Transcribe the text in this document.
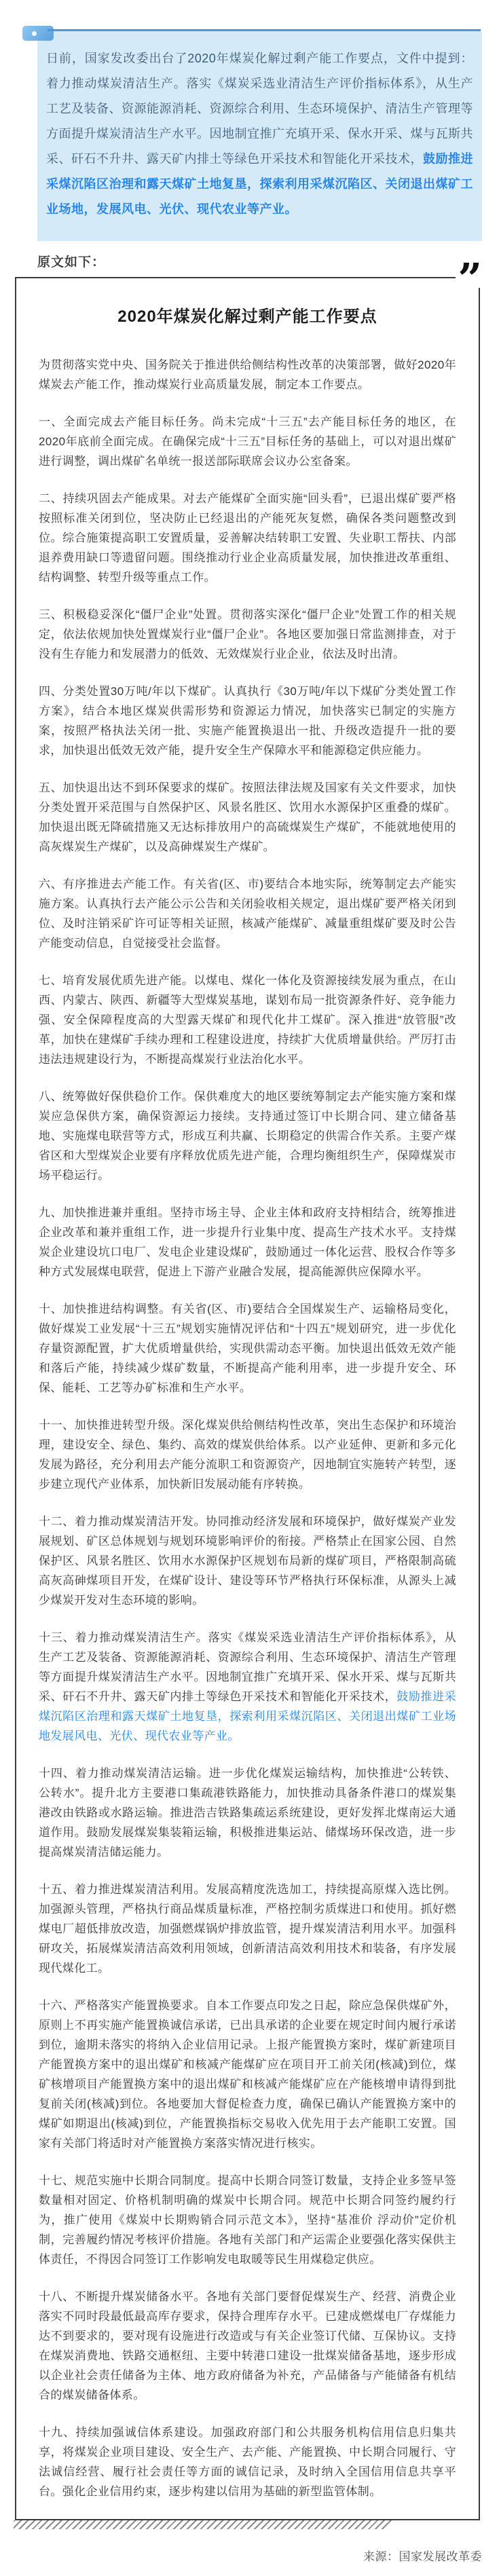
日前，国家发改委出台了2020年煤炭化解过剩产能工作要点，文件中提到：着力推动煤炭清洁生产。落实《煤炭采选业清洁生产评价指标体系》，从生产工艺及装备、资源能源消耗、资源综合利用、生态环境保护、清洁生产管理等方面提升煤炭清洁生产水平。因地制宜推广充填开采、保水开采、煤与瓦斯共采、矸石不升井、露天矿内排土等绿色开采技术和智能化开采技术，鼓励推进采煤沉陷区治理和露天煤矿土地复垦，探索利用采煤沉陷区、关闭退出煤矿工业场地，发展风电、光伏、现代农业等产业。
原文如下：	”
2020年煤炭化解过剩产能工作要点

为贯彻落实党中央、国务院关于推进供给侧结构性改革的决策部署，做好2020年煤炭去产能工作，推动煤炭行业高质量发展，制定本工作要点。

一、全面完成去产能目标任务。尚未完成“十三五”去产能目标任务的地区，在2020年底前全面完成。在确保完成“十三五”目标任务的基础上，可以对退出煤矿进行调整，调出煤矿名单统一报送部际联席会议办公室备案。

二、持续巩固去产能成果。对去产能煤矿全面实施“回头看”，已退出煤矿要严格按照标准关闭到位，坚决防止已经退出的产能死灰复燃，确保各类问题整改到位。综合施策提高职工安置质量，妥善解决结转职工安置、失业职工帮扶、内部退养费用缺口等遗留问题。围绕推动行业企业高质量发展，加快推进改革重组、结构调整、转型升级等重点工作。

三、积极稳妥深化“僵尸企业”处置。贯彻落实深化“僵尸企业”处置工作的相关规定，依法依规加快处置煤炭行业“僵尸企业”。各地区要加强日常监测排查，对于没有生存能力和发展潜力的低效、无效煤炭行业企业，依法及时出清。

四、分类处置30万吨/年以下煤矿。认真执行《30万吨/年以下煤矿分类处置工作方案》，结合本地区煤炭供需形势和资源运力情况，加快落实已制定的实施方案，按照严格执法关闭一批、实施产能置换退出一批、升级改造提升一批的要求，加快退出低效无效产能，提升安全生产保障水平和能源稳定供应能力。

五、加快退出达不到环保要求的煤矿。按照法律法规及国家有关文件要求，加快分类处置开采范围与自然保护区、风景名胜区、饮用水水源保护区重叠的煤矿。加快退出既无降硫措施又无达标排放用户的高硫煤炭生产煤矿，不能就地使用的高灰煤炭生产煤矿，以及高砷煤炭生产煤矿。

六、有序推进去产能工作。有关省(区、市)要结合本地实际，统筹制定去产能实施方案。认真执行去产能公示公告和关闭验收相关规定，退出煤矿要严格关闭到位、及时注销采矿许可证等相关证照，核减产能煤矿、减量重组煤矿要及时公告产能变动信息，自觉接受社会监督。

七、培育发展优质先进产能。以煤电、煤化一体化及资源接续发展为重点，在山西、内蒙古、陕西、新疆等大型煤炭基地，谋划布局一批资源条件好、竞争能力强、安全保障程度高的大型露天煤矿和现代化井工煤矿。深入推进“放管服”改革，加快在建煤矿手续办理和工程建设进度，持续扩大优质增量供给。严厉打击违法违规建设行为，不断提高煤炭行业法治化水平。

八、统筹做好保供稳价工作。保供难度大的地区要统筹制定去产能实施方案和煤炭应急保供方案，确保资源运力接续。支持通过签订中长期合同、建立储备基地、实施煤电联营等方式，形成互利共赢、长期稳定的供需合作关系。主要产煤省区和大型煤炭企业要有序释放优质先进产能，合理均衡组织生产，保障煤炭市场平稳运行。

九、加快推进兼并重组。坚持市场主导、企业主体和政府支持相结合，统筹推进企业改革和兼并重组工作，进一步提升行业集中度、提高生产技术水平。支持煤炭企业建设坑口电厂、发电企业建设煤矿，鼓励通过一体化运营、股权合作等多种方式发展煤电联营，促进上下游产业融合发展，提高能源供应保障水平。

十、加快推进结构调整。有关省(区、市)要结合全国煤炭生产、运输格局变化，做好煤炭工业发展“十三五”规划实施情况评估和“十四五”规划研究，进一步优化存量资源配置，扩大优质增量供给，实现供需动态平衡。加快退出低效无效产能和落后产能，持续减少煤矿数量，不断提高产能利用率，进一步提升安全、环保、能耗、工艺等办矿标准和生产水平。

十一、加快推进转型升级。深化煤炭供给侧结构性改革，突出生态保护和环境治理，建设安全、绿色、集约、高效的煤炭供给体系。以产业延伸、更新和多元化发展为路径，充分利用去产能分流职工和资源资产，因地制宜实施转产转型，逐步建立现代产业体系，加快新旧发展动能有序转换。

十二、着力推动煤炭清洁开发。协同推动经济发展和环境保护，做好煤炭产业发展规划、矿区总体规划与规划环境影响评价的衔接。严格禁止在国家公园、自然保护区、风景名胜区、饮用水水源保护区规划布局新的煤矿项目，严格限制高硫高灰高砷煤项目开发，在煤矿设计、建设等环节严格执行环保标准，从源头上减少煤炭开发对生态环境的影响。

十三、着力推动煤炭清洁生产。落实《煤炭采选业清洁生产评价指标体系》，从生产工艺及装备、资源能源消耗、资源综合利用、生态环境保护、清洁生产管理等方面提升煤炭清洁生产水平。因地制宜推广充填开采、保水开采、煤与瓦斯共采、矸石不升井、露天矿内排土等绿色开采技术和智能化开采技术，鼓励推进采煤沉陷区治理和露天煤矿土地复垦，探索利用采煤沉陷区、关闭退出煤矿工业场地发展风电、光伏、现代农业等产业。

十四、着力推动煤炭清洁运输。进一步优化煤炭运输结构，加快推进“公转铁、公转水”。提升北方主要港口集疏港铁路能力，加快推动具备条件港口的煤炭集港改由铁路或水路运输。推进浩吉铁路集疏运系统建设，更好发挥北煤南运大通道作用。鼓励发展煤炭集装箱运输，积极推进集运站、储煤场环保改造，进一步提高煤炭清洁储运能力。

十五、着力推进煤炭清洁利用。发展高精度洗选加工，持续提高原煤入选比例。加强源头管理，严格执行商品煤质量标准，严格控制劣质煤进口和使用。抓好燃煤电厂超低排放改造，加强燃煤锅炉排放监管，提升煤炭清洁利用水平。加强科研攻关，拓展煤炭清洁高效利用领域，创新清洁高效利用技术和装备，有序发展现代煤化工。

十六、严格落实产能置换要求。自本工作要点印发之日起，除应急保供煤矿外，原则上不再实施产能置换诚信承诺，已出具承诺的企业要在规定时间内履行承诺到位，逾期未落实的将纳入企业信用记录。上报产能置换方案时，煤矿新建项目产能置换方案中的退出煤矿和核减产能煤矿应在项目开工前关闭(核减)到位，煤矿核增项目产能置换方案中的退出煤矿和核减产能煤矿应在产能核增申请得到批复前关闭(核减)到位。各地要加大督促检查力度，确保已确认产能置换方案中的煤矿如期退出(核减)到位，产能置换指标交易收入优先用于去产能职工安置。国家有关部门将适时对产能置换方案落实情况进行核实。

十七、规范实施中长期合同制度。提高中长期合同签订数量，支持企业多签早签数量相对固定、价格机制明确的煤炭中长期合同。规范中长期合同签约履约行为，推广使用《煤炭中长期购销合同示范文本》，坚持“基准价 浮动价”定价机制，完善履约情况考核评价措施。各地有关部门和产运需企业要强化落实保供主体责任，不得因合同签订工作影响发电取暖等民生用煤稳定供应。

十八、不断提升煤炭储备水平。各地有关部门要督促煤炭生产、经营、消费企业落实不同时段最低最高库存要求，保持合理库存水平。已建成燃煤电厂存煤能力达不到要求的，要对现有设施进行改造或与有关企业签订代储、互保协议。支持在煤炭消费地、铁路交通枢纽、主要中转港口建设一批煤炭储备基地，逐步形成以企业社会责任储备为主体、地方政府储备为补充，产品储备与产能储备有机结合的煤炭储备体系。

十九、持续加强诚信体系建设。加强政府部门和公共服务机构信用信息归集共享，将煤炭企业项目建设、安全生产、去产能、产能置换、中长期合同履行、守法诚信经营、履行社会责任等方面的诚信记录，及时纳入全国信用信息共享平台。强化企业信用约束，逐步构建以信用为基础的新型监管体制。

来源：国家发展改革委
